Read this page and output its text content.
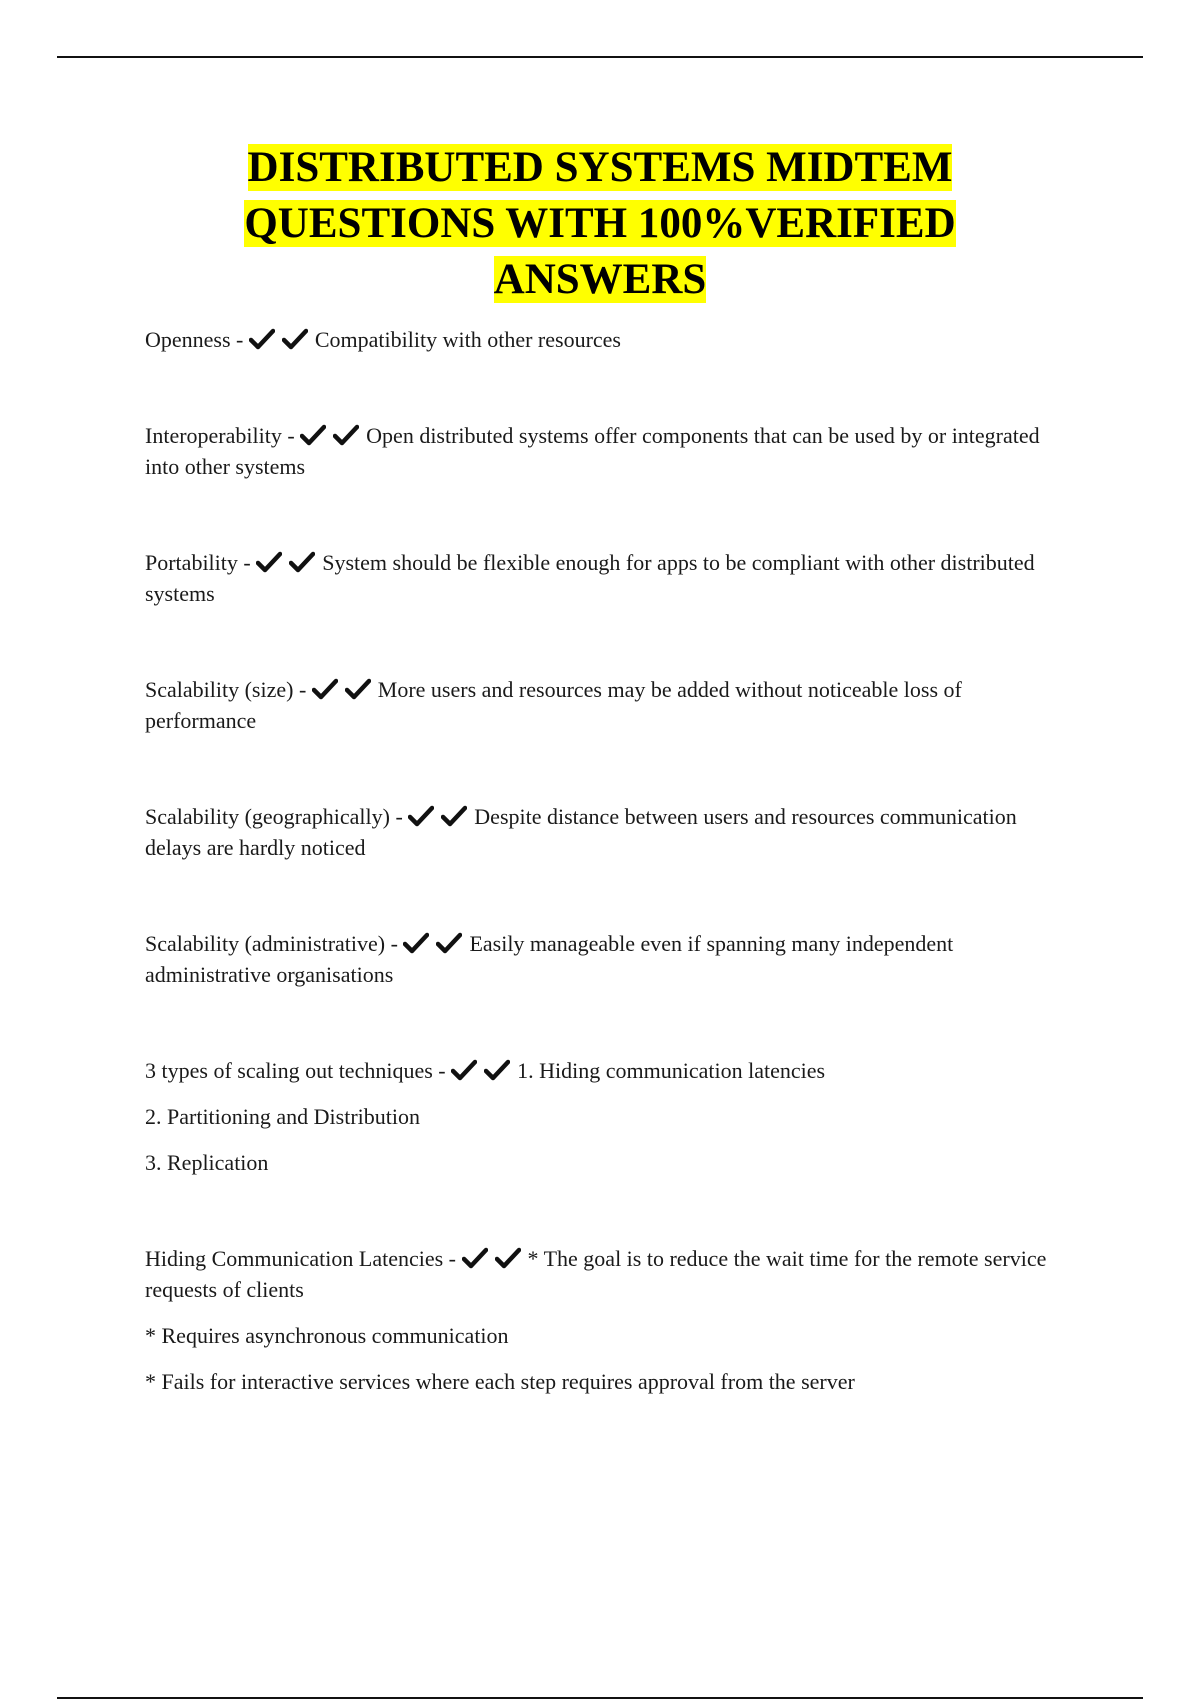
DISTRIBUTED SYSTEMS MIDTEM
QUESTIONS WITH 100%VERIFIED
ANSWERS

Openness -	Compatibility with other resources

Interoperability -	Open distributed systems offer components that can be used by or integrated into other systems

Portability -	System should be flexible enough for apps to be compliant with other distributed systems

Scalability (size) -	More users and resources may be added without noticeable loss of performance

Scalability (geographically) -	Despite distance between users and resources communication delays are hardly noticed

Scalability (administrative) -	Easily manageable even if spanning many independent administrative organisations

3 types of scaling out techniques -	1. Hiding communication latencies

2. Partitioning and Distribution

3. Replication

Hiding Communication Latencies -	* The goal is to reduce the wait time for the remote service requests of clients

* Requires asynchronous communication

* Fails for interactive services where each step requires approval from the server
